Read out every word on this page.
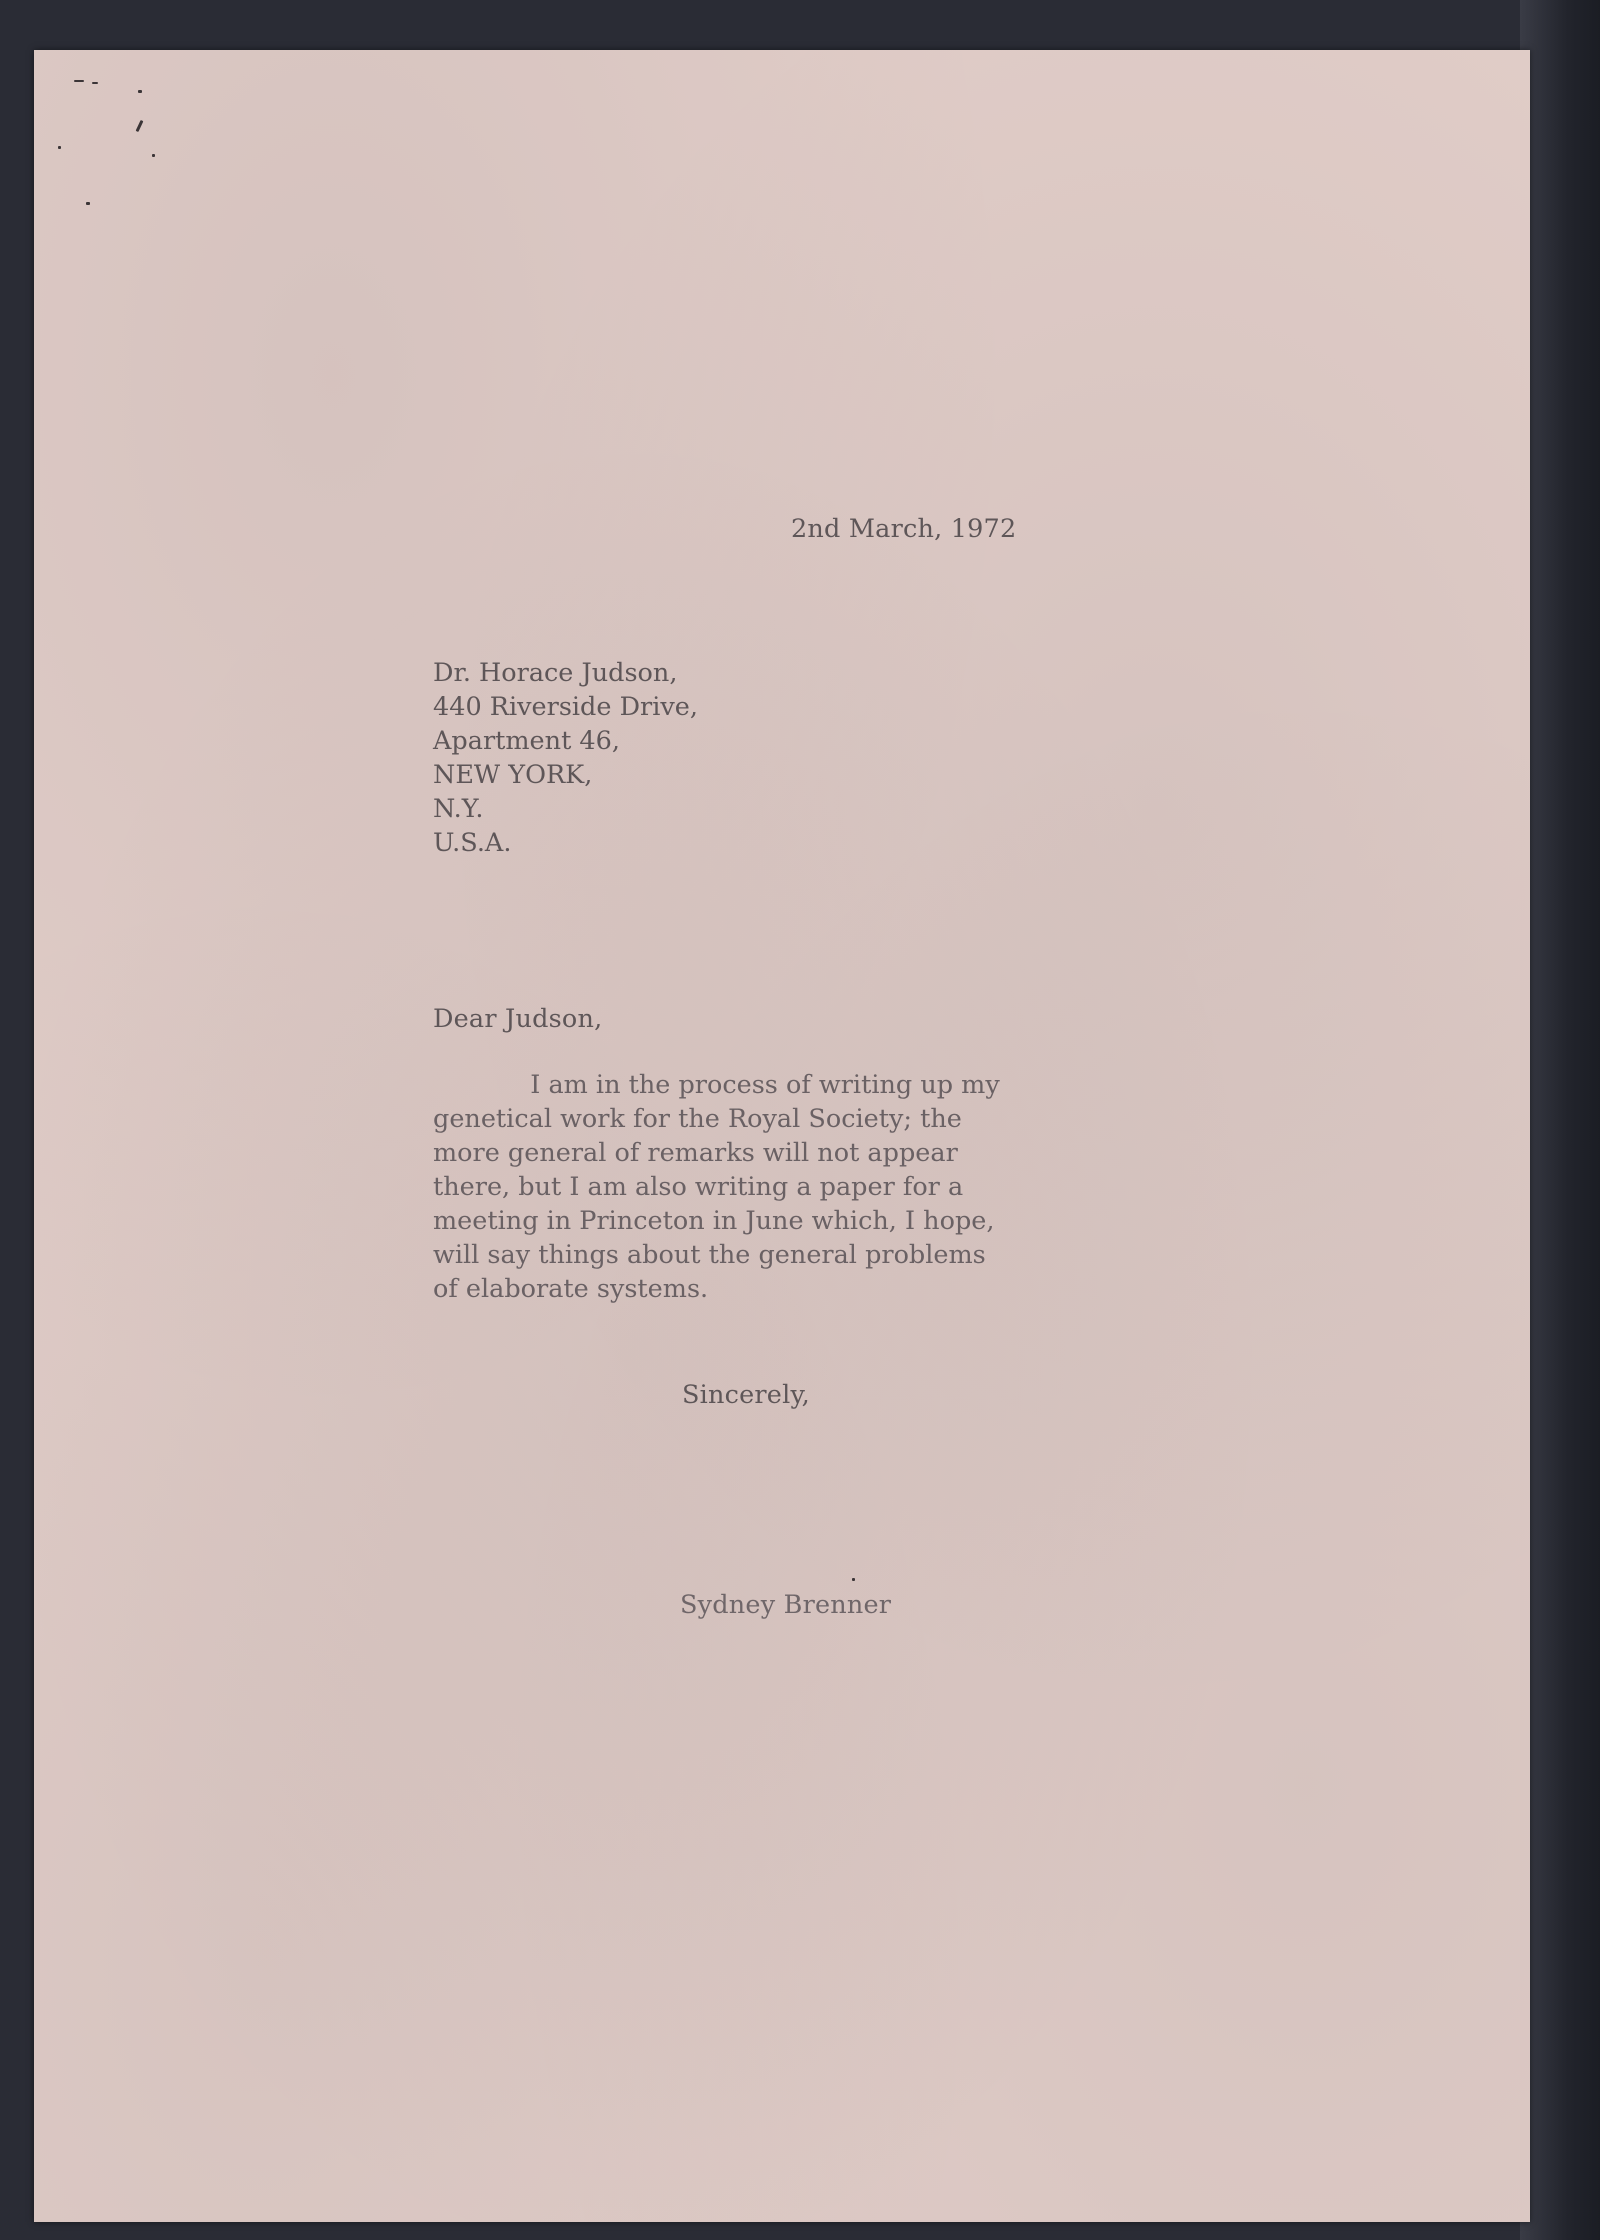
2nd March, 1972
Dr. Horace Judson,
440 Riverside Drive,
Apartment 46,
NEW YORK,
N.Y.
U.S.A.
Dear Judson,
I am in the process of writing up my
genetical work for the Royal Society; the
more general of remarks will not appear
there, but I am also writing a paper for a
meeting in Princeton in June which, I hope,
will say things about the general problems
of elaborate systems.
Sincerely,
Sydney Brenner
